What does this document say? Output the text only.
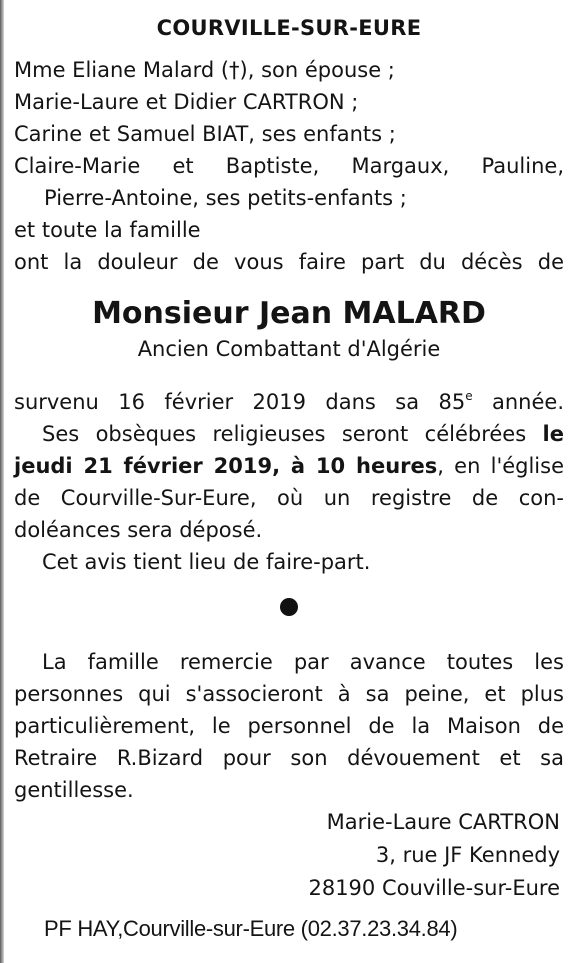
COURVILLE-SUR-EURE
Mme Eliane Malard (†), son épouse ;
Marie-Laure et Didier CARTRON ;
Carine et Samuel BIAT, ses enfants ;
Claire-Marie et Baptiste, Margaux, Pauline,
Pierre-Antoine, ses petits-enfants ;
et toute la famille
ont la douleur de vous faire part du décès de
Monsieur Jean MALARD
Ancien Combattant d'Algérie
survenu 16 février 2019 dans sa 85e année.
Ses obsèques religieuses seront célébrées le
jeudi 21 février 2019, à 10 heures, en l'église
de Courville-Sur-Eure, où un registre de con-
doléances sera déposé.
Cet avis tient lieu de faire-part.
La famille remercie par avance toutes les
personnes qui s'associeront à sa peine, et plus
particulièrement, le personnel de la Maison de
Retraire R.Bizard pour son dévouement et sa
gentillesse.
Marie-Laure CARTRON
3, rue JF Kennedy
28190 Couville-sur-Eure
PF HAY,Courville-sur-Eure (02.37.23.34.84)
